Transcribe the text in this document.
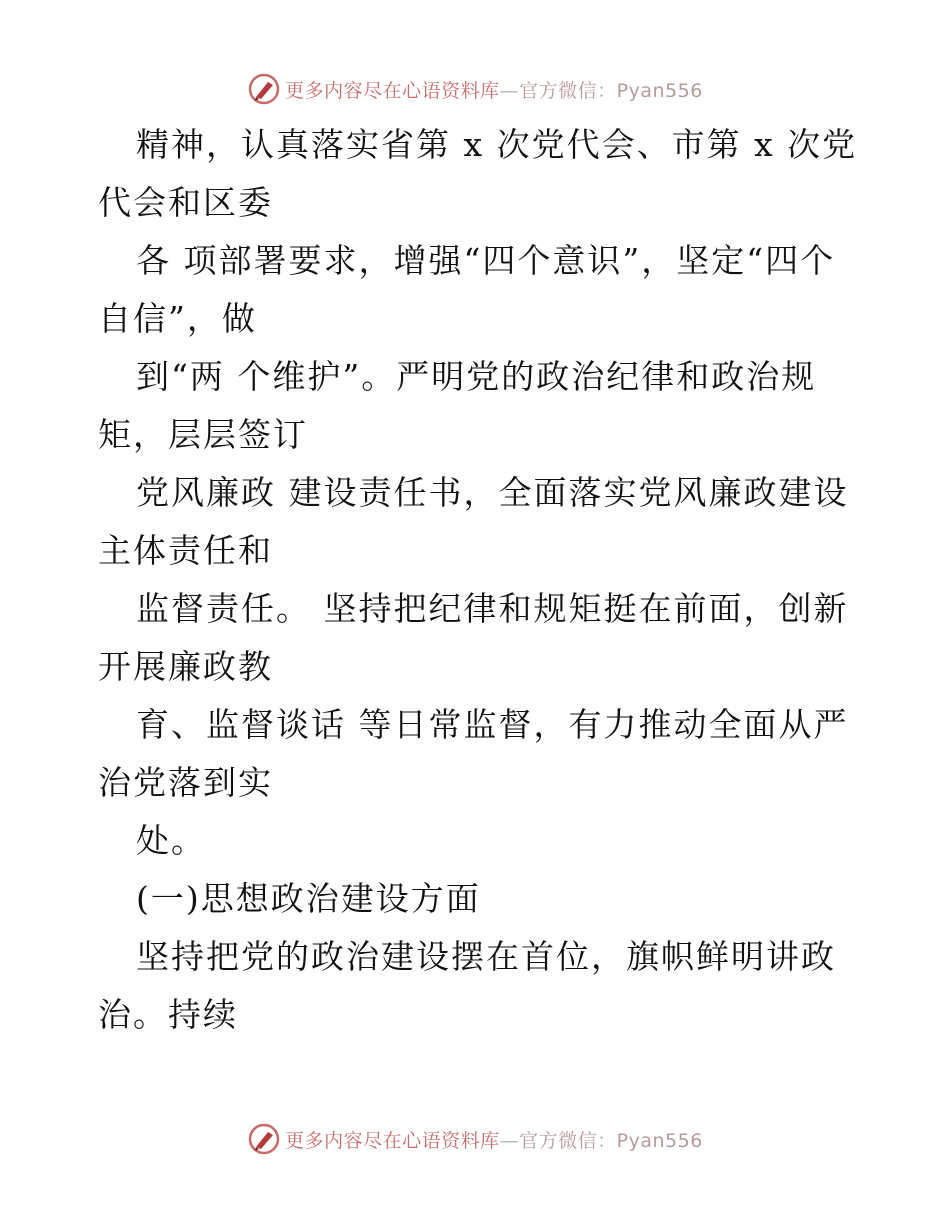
更多内容尽在心语资料库—官方微信：Pyan556
精神，认真落实省第 x 次党代会、市第 x 次党
代会和区委
各 项部署要求，增强“四个意识”，坚定“四个
自信”，做
到“两 个维护”。严明党的政治纪律和政治规
矩，层层签订
党风廉政 建设责任书，全面落实党风廉政建设
主体责任和
监督责任。 坚持把纪律和规矩挺在前面，创新
开展廉政教
育、监督谈话 等日常监督，有力推动全面从严
治党落到实
处。
(一)思想政治建设方面
坚持把党的政治建设摆在首位，旗帜鲜明讲政
治。持续
更多内容尽在心语资料库—官方微信：Pyan556
